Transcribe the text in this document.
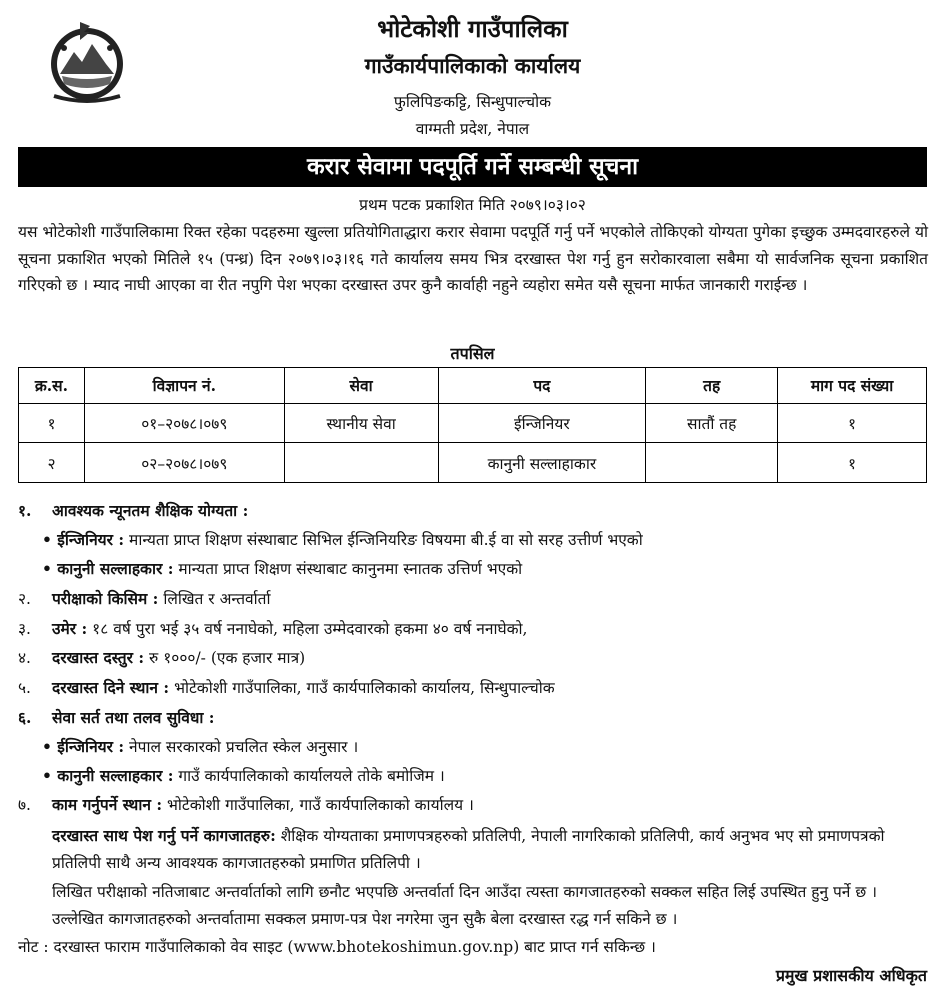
भोटेकोशी गाउँपालिका
गाउँकार्यपालिकाको कार्यालय
फुलिपिङकट्टि, सिन्धुपाल्चोक
वाग्मती प्रदेश, नेपाल
करार सेवामा पदपूर्ति गर्ने सम्बन्धी सूचना
प्रथम पटक प्रकाशित मिति २०७९।०३।०२
यस भोटेकोशी गाउँपालिकामा रिक्त रहेका पदहरुमा खुल्ला प्रतियोगिताद्धारा करार सेवामा पदपूर्ति गर्नु पर्ने भएकोले तोकिएको योग्यता पुगेका इच्छुक उम्मदवारहरुले यो सूचना प्रकाशित भएको मितिले १५ (पन्ध्र) दिन २०७९।०३।१६ गते कार्यालय समय भित्र दरखास्त पेश गर्नु हुन सरोकारवाला सबैमा यो सार्वजनिक सूचना प्रकाशित गरिएको छ । म्याद नाघी आएका वा रीत नपुगि पेश भएका दरखास्त उपर कुनै कार्वाही नहुने व्यहोरा समेत यसै सूचना मार्फत जानकारी गराईन्छ ।
तपसिल
क्र.स.	विज्ञापन नं.	सेवा	पद	तह	माग पद संख्या
१	०१–२०७८।०७९	स्थानीय सेवा	ईन्जिनियर	सातौं तह	१
२	०२–२०७८।०७९		कानुनी सल्लाहाकार		१
१. आवश्यक न्यूनतम शैक्षिक योग्यता :
• ईन्जिनियर : मान्यता प्राप्त शिक्षण संस्थाबाट सिभिल ईन्जिनियरिङ विषयमा बी.ई वा सो सरह उत्तीर्ण भएको
• कानुनी सल्लाहकार : मान्यता प्राप्त शिक्षण संस्थाबाट कानुनमा स्नातक उत्तिर्ण भएको
२. परीक्षाको किसिम : लिखित र अन्तर्वार्ता
३. उमेर : १८ वर्ष पुरा भई ३५ वर्ष ननाघेको, महिला उम्मेदवारको हकमा ४० वर्ष ननाघेको,
४. दरखास्त दस्तुर : रु १०००/- (एक हजार मात्र)
५. दरखास्त दिने स्थान : भोटेकोशी गाउँपालिका, गाउँ कार्यपालिकाको कार्यालय, सिन्धुपाल्चोक
६. सेवा सर्त तथा तलव सुविधा :
• ईन्जिनियर : नेपाल सरकारको प्रचलित स्केल अनुसार ।
• कानुनी सल्लाहकार : गाउँ कार्यपालिकाको कार्यालयले तोके बमोजिम ।
७. काम गर्नुपर्ने स्थान : भोटेकोशी गाउँपालिका, गाउँ कार्यपालिकाको कार्यालय ।
दरखास्त साथ पेश गर्नु पर्ने कागजातहरु: शैक्षिक योग्यताका प्रमाणपत्रहरुको प्रतिलिपी, नेपाली नागरिकाको प्रतिलिपी, कार्य अनुभव भए सो प्रमाणपत्रको प्रतिलिपी साथै अन्य आवश्यक कागजातहरुको प्रमाणित प्रतिलिपी ।
लिखित परीक्षाको नतिजाबाट अन्तर्वार्ताको लागि छनौट भएपछि अन्तर्वार्ता दिन आउँदा त्यस्ता कागजातहरुको सक्कल सहित लिई उपस्थित हुनु पर्ने छ । उल्लेखित कागजातहरुको अन्तर्वातामा सक्कल प्रमाण-पत्र पेश नगरेमा जुन सुकै बेला दरखास्त रद्ध गर्न सकिने छ ।
नोट : दरखास्त फाराम गाउँपालिकाको वेव साइट (www.bhotekoshimun.gov.np) बाट प्राप्त गर्न सकिन्छ ।
प्रमुख प्रशासकीय अधिकृत
